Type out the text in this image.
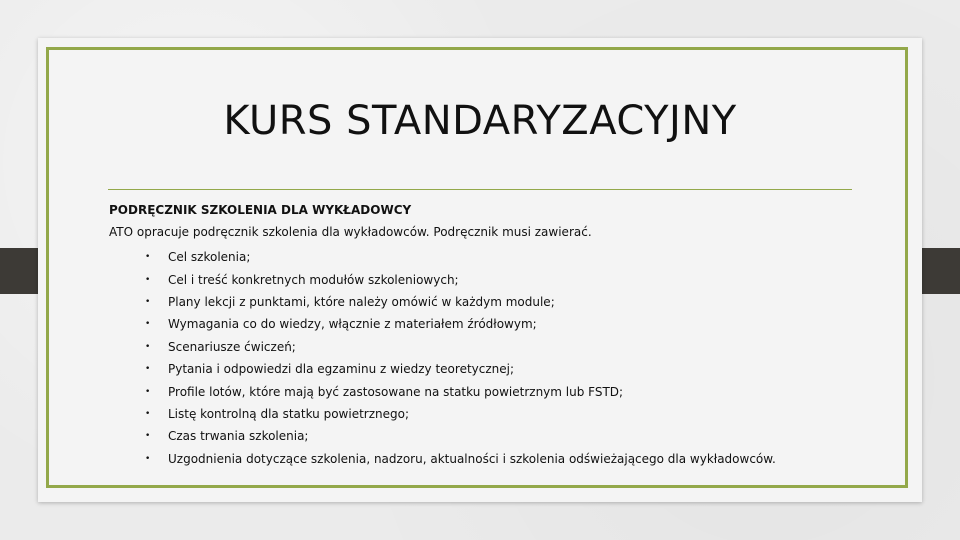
KURS STANDARYZACYJNY
PODRĘCZNIK SZKOLENIA DLA WYKŁADOWCY
ATO opracuje podręcznik szkolenia dla wykładowców. Podręcznik musi zawierać.
•	Cel szkolenia;
•	Cel i treść konkretnych modułów szkoleniowych;
•	Plany lekcji z punktami, które należy omówić w każdym module;
•	Wymagania co do wiedzy, włącznie z materiałem źródłowym;
•	Scenariusze ćwiczeń;
•	Pytania i odpowiedzi dla egzaminu z wiedzy teoretycznej;
•	Profile lotów, które mają być zastosowane na statku powietrznym lub FSTD;
•	Listę kontrolną dla statku powietrznego;
•	Czas trwania szkolenia;
•	Uzgodnienia dotyczące szkolenia, nadzoru, aktualności i szkolenia odświeżającego dla wykładowców.
